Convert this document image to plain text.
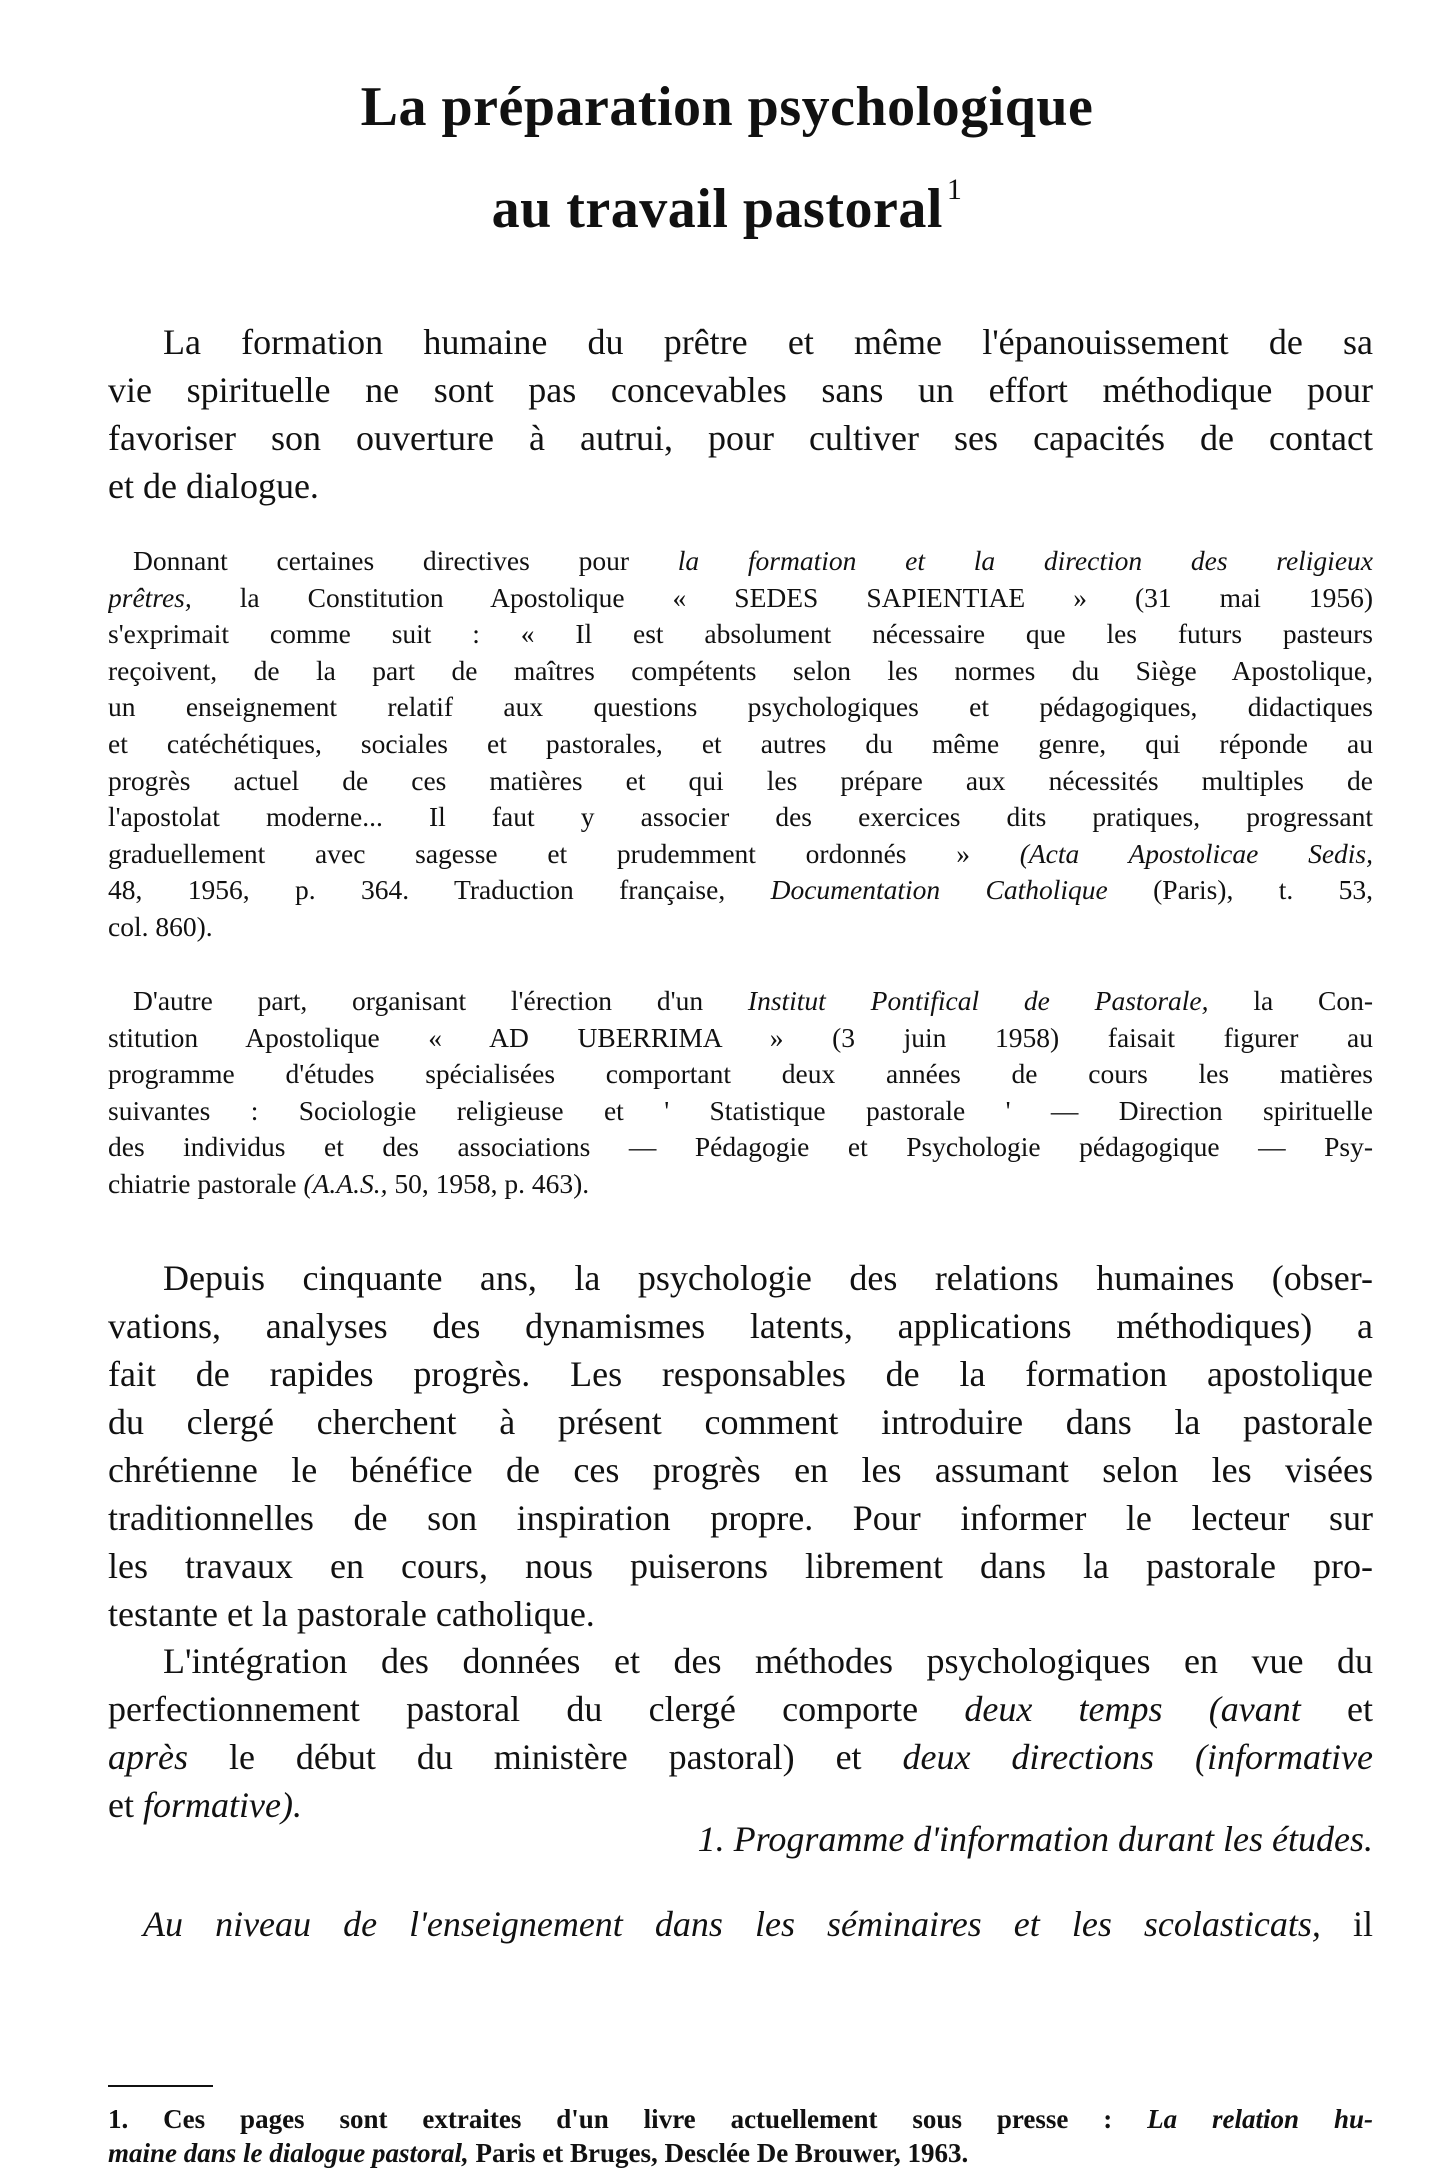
La préparation psychologique
au travail pastoral $^1$
La formation humaine du prêtre et même l'épanouissement de sa
vie spirituelle ne sont pas concevables sans un effort méthodique pour
favoriser son ouverture à autrui, pour cultiver ses capacités de contact
et de dialogue.
Donnant certaines directives pour la formation et la direction des religieux
prêtres, la Constitution Apostolique « SEDES SAPIENTIAE » (31 mai 1956)
s'exprimait comme suit : « Il est absolument nécessaire que les futurs pasteurs
reçoivent, de la part de maîtres compétents selon les normes du Siège Apostolique,
un enseignement relatif aux questions psychologiques et pédagogiques, didactiques
et catéchétiques, sociales et pastorales, et autres du même genre, qui réponde au
progrès actuel de ces matières et qui les prépare aux nécessités multiples de
l'apostolat moderne... Il faut y associer des exercices dits pratiques, progressant
graduellement avec sagesse et prudemment ordonnés » (Acta Apostolicae Sedis,
48, 1956, p. 364. Traduction française, Documentation Catholique (Paris), t. 53,
col. 860).
D'autre part, organisant l'érection d'un Institut Pontifical de Pastorale, la Con-
stitution Apostolique « AD UBERRIMA » (3 juin 1958) faisait figurer au
programme d'études spécialisées comportant deux années de cours les matières
suivantes : Sociologie religieuse et ' Statistique pastorale ' — Direction spirituelle
des individus et des associations — Pédagogie et Psychologie pédagogique — Psy-
chiatrie pastorale (A.A.S., 50, 1958, p. 463).
Depuis cinquante ans, la psychologie des relations humaines (obser-
vations, analyses des dynamismes latents, applications méthodiques) a
fait de rapides progrès. Les responsables de la formation apostolique
du clergé cherchent à présent comment introduire dans la pastorale
chrétienne le bénéfice de ces progrès en les assumant selon les visées
traditionnelles de son inspiration propre. Pour informer le lecteur sur
les travaux en cours, nous puiserons librement dans la pastorale pro-
testante et la pastorale catholique.
L'intégration des données et des méthodes psychologiques en vue du
perfectionnement pastoral du clergé comporte deux temps (avant et
après le début du ministère pastoral) et deux directions (informative
et formative).
1. Programme d'information durant les études.
Au niveau de l'enseignement dans les séminaires et les scolasticats, il
1. Ces pages sont extraites d'un livre actuellement sous presse : La relation hu-
maine dans le dialogue pastoral, Paris et Bruges, Desclée De Brouwer, 1963.
